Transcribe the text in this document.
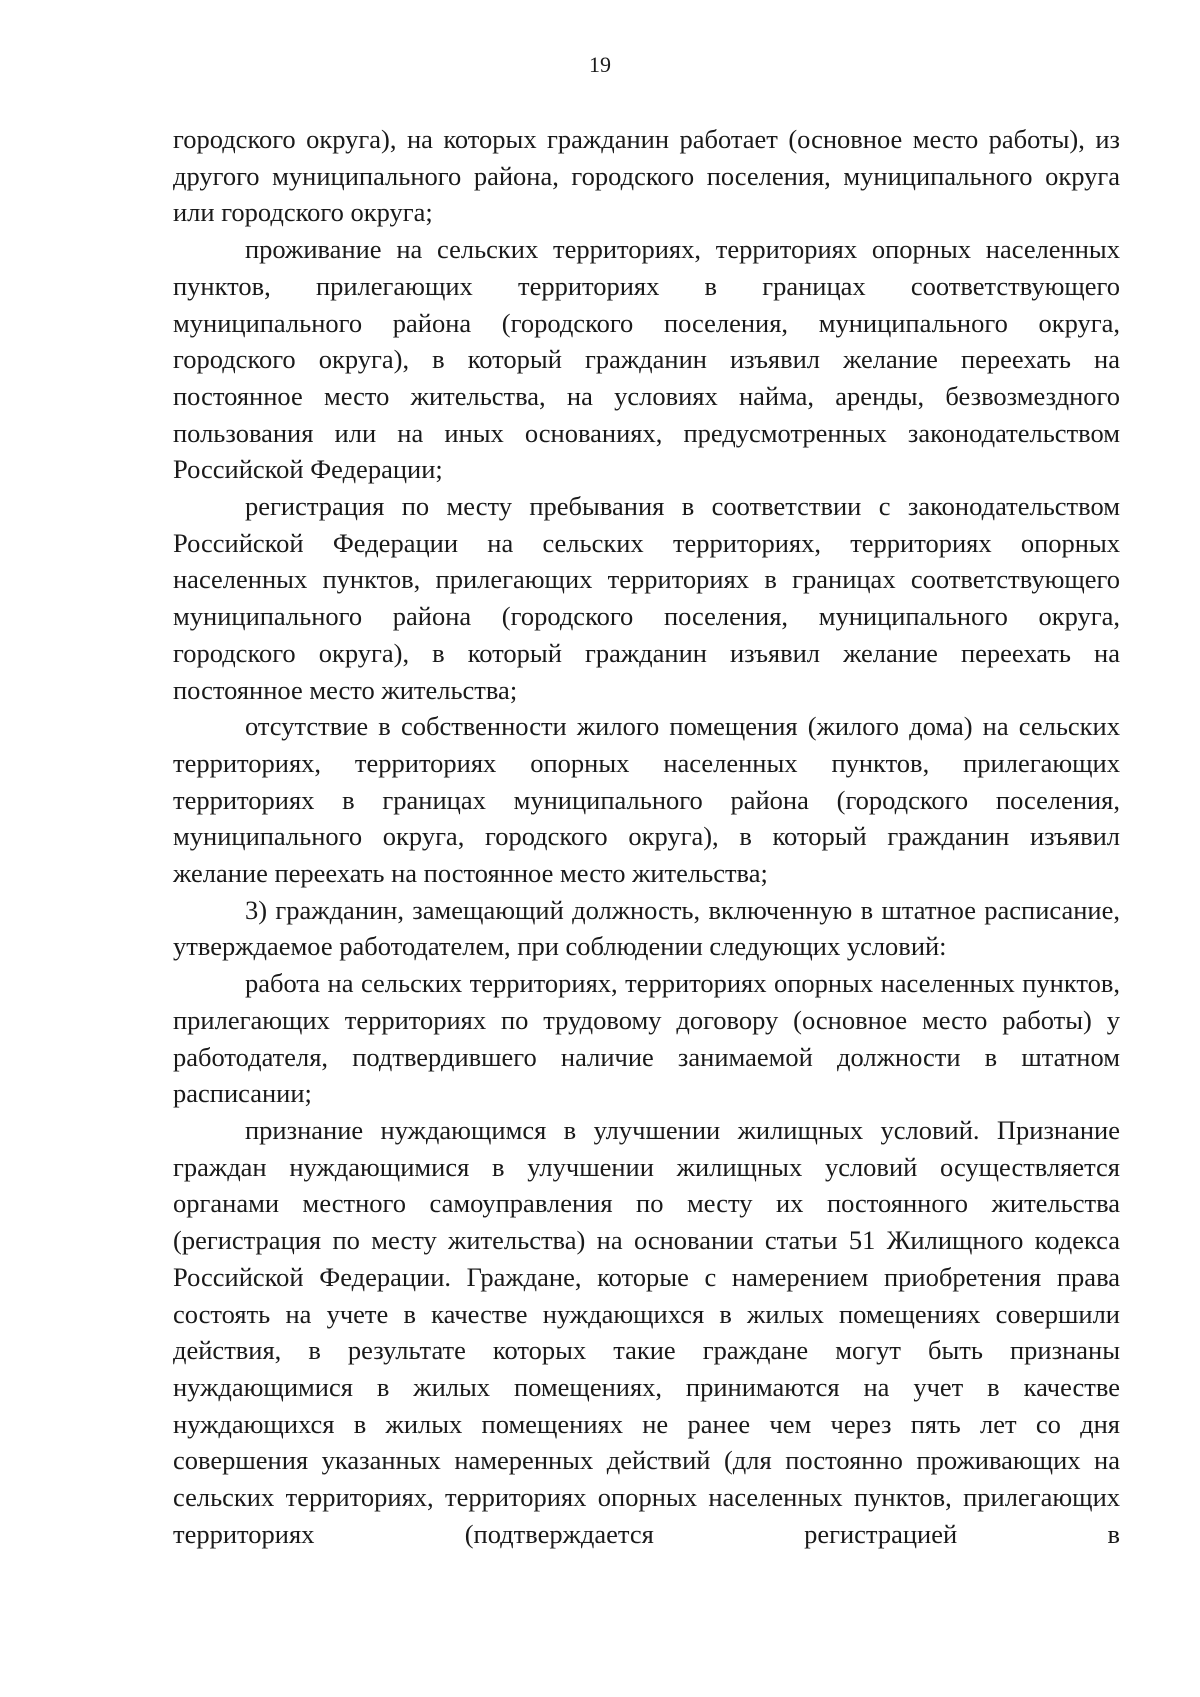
19

городского округа), на которых гражданин работает (основное место работы), из другого муниципального района, городского поселения, муниципального округа или городского округа;

проживание на сельских территориях, территориях опорных населенных пунктов, прилегающих территориях в границах соответствующего муниципального района (городского поселения, муниципального округа, городского округа), в который гражданин изъявил желание переехать на постоянное место жительства, на условиях найма, аренды, безвозмездного пользования или на иных основаниях, предусмотренных законодательством Российской Федерации;

регистрация по месту пребывания в соответствии с законодательством Российской Федерации на сельских территориях, территориях опорных населенных пунктов, прилегающих территориях в границах соответствующего муниципального района (городского поселения, муниципального округа, городского округа), в который гражданин изъявил желание переехать на постоянное место жительства;

отсутствие в собственности жилого помещения (жилого дома) на сельских территориях, территориях опорных населенных пунктов, прилегающих территориях в границах муниципального района (городского поселения, муниципального округа, городского округа), в который гражданин изъявил желание переехать на постоянное место жительства;

3) гражданин, замещающий должность, включенную в штатное расписание, утверждаемое работодателем, при соблюдении следующих условий:

работа на сельских территориях, территориях опорных населенных пунктов, прилегающих территориях по трудовому договору (основное место работы) у работодателя, подтвердившего наличие занимаемой должности в штатном расписании;

признание нуждающимся в улучшении жилищных условий. Признание граждан нуждающимися в улучшении жилищных условий осуществляется органами местного самоуправления по месту их постоянного жительства (регистрация по месту жительства) на основании статьи 51 Жилищного кодекса Российской Федерации. Граждане, которые с намерением приобретения права состоять на учете в качестве нуждающихся в жилых помещениях совершили действия, в результате которых такие граждане могут быть признаны нуждающимися в жилых помещениях, принимаются на учет в качестве нуждающихся в жилых помещениях не ранее чем через пять лет со дня совершения указанных намеренных действий (для постоянно проживающих на сельских территориях, территориях опорных населенных пунктов, прилегающих территориях (подтверждается регистрацией в
